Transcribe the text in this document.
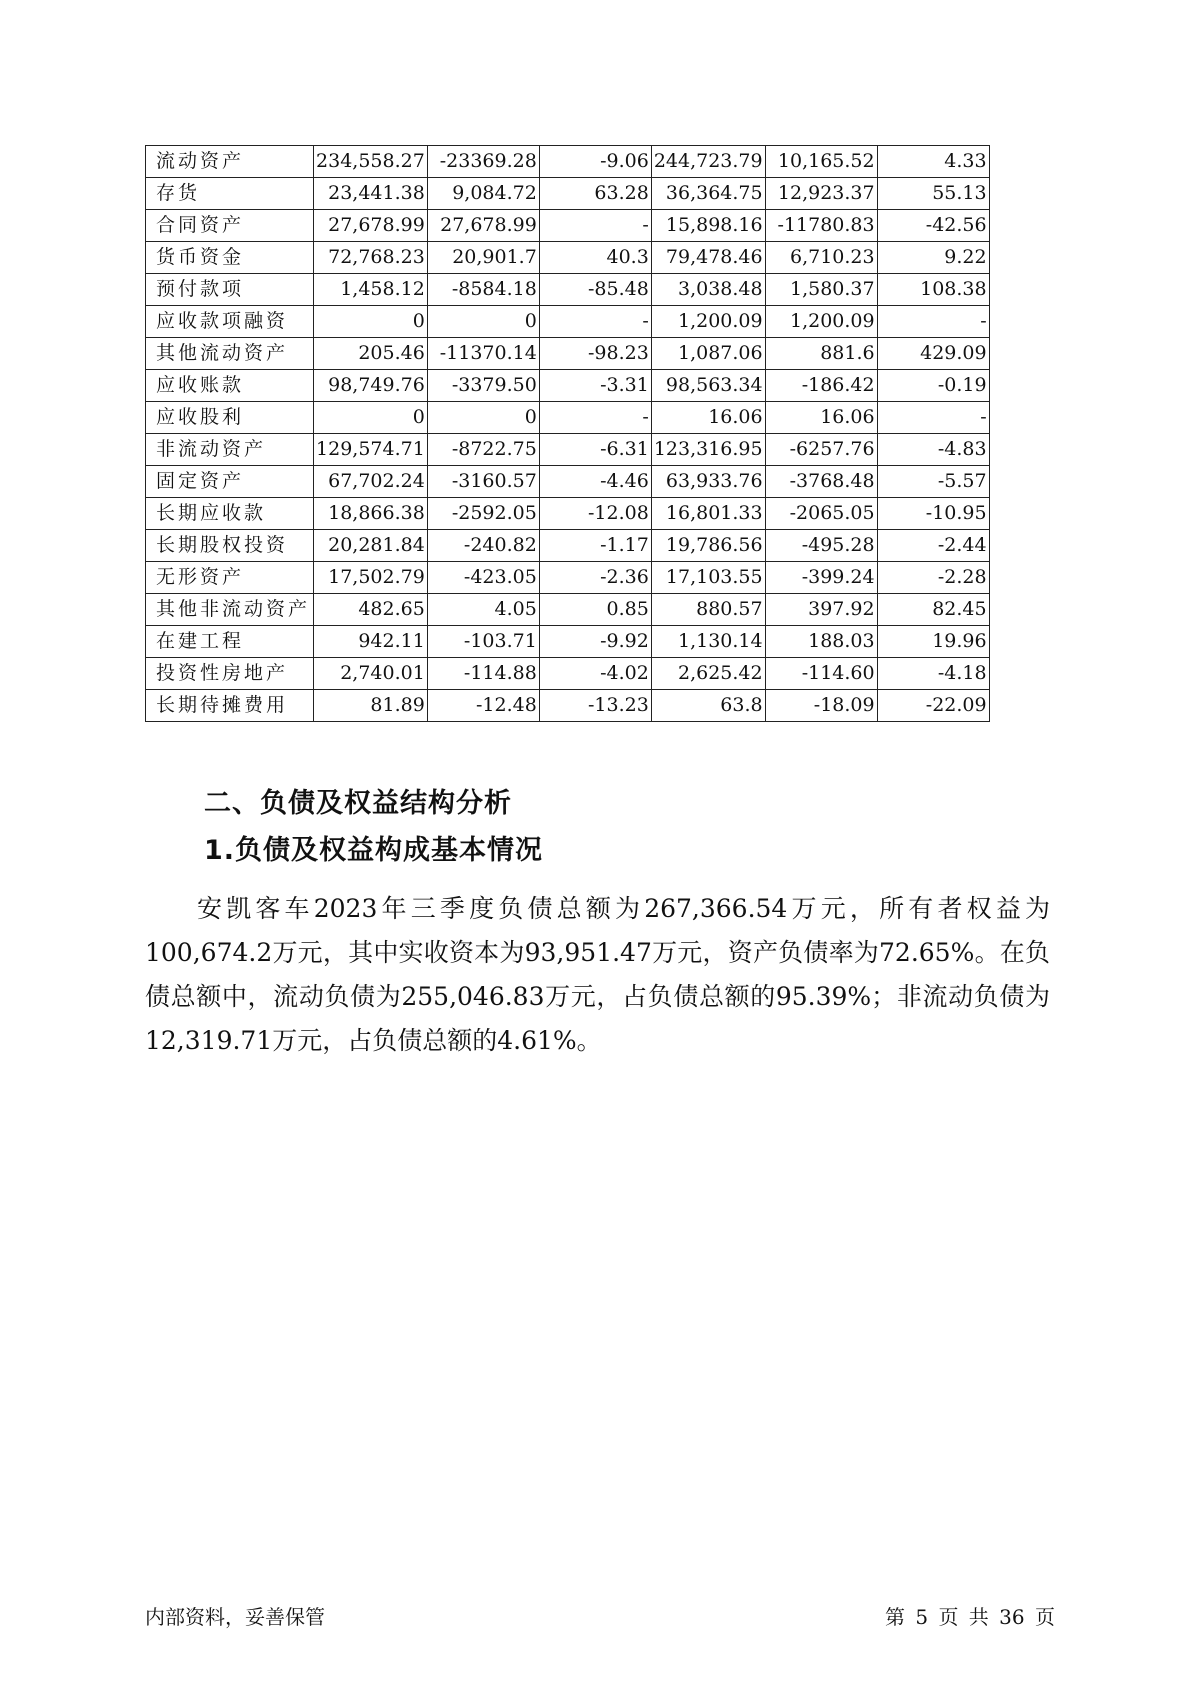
流动资产	234,558.27	-23369.28	-9.06	244,723.79	10,165.52	4.33
存货	23,441.38	9,084.72	63.28	36,364.75	12,923.37	55.13
合同资产	27,678.99	27,678.99	-	15,898.16	-11780.83	-42.56
货币资金	72,768.23	20,901.7	40.3	79,478.46	6,710.23	9.22
预付款项	1,458.12	-8584.18	-85.48	3,038.48	1,580.37	108.38
应收款项融资	0	0	-	1,200.09	1,200.09	-
其他流动资产	205.46	-11370.14	-98.23	1,087.06	881.6	429.09
应收账款	98,749.76	-3379.50	-3.31	98,563.34	-186.42	-0.19
应收股利	0	0	-	16.06	16.06	-
非流动资产	129,574.71	-8722.75	-6.31	123,316.95	-6257.76	-4.83
固定资产	67,702.24	-3160.57	-4.46	63,933.76	-3768.48	-5.57
长期应收款	18,866.38	-2592.05	-12.08	16,801.33	-2065.05	-10.95
长期股权投资	20,281.84	-240.82	-1.17	19,786.56	-495.28	-2.44
无形资产	17,502.79	-423.05	-2.36	17,103.55	-399.24	-2.28
其他非流动资产	482.65	4.05	0.85	880.57	397.92	82.45
在建工程	942.11	-103.71	-9.92	1,130.14	188.03	19.96
投资性房地产	2,740.01	-114.88	-4.02	2,625.42	-114.60	-4.18
长期待摊费用	81.89	-12.48	-13.23	63.8	-18.09	-22.09
二、负债及权益结构分析
1.负债及权益构成基本情况

安凯客车2023年三季度负债总额为267,366.54万元，所有者权益为100,674.2万元，其中实收资本为93,951.47万元，资产负债率为72.65%。在负债总额中，流动负债为255,046.83万元，占负债总额的95.39%；非流动负债为12,319.71万元，占负债总额的4.61%。

内部资料，妥善保管	第 5 页 共 36 页
